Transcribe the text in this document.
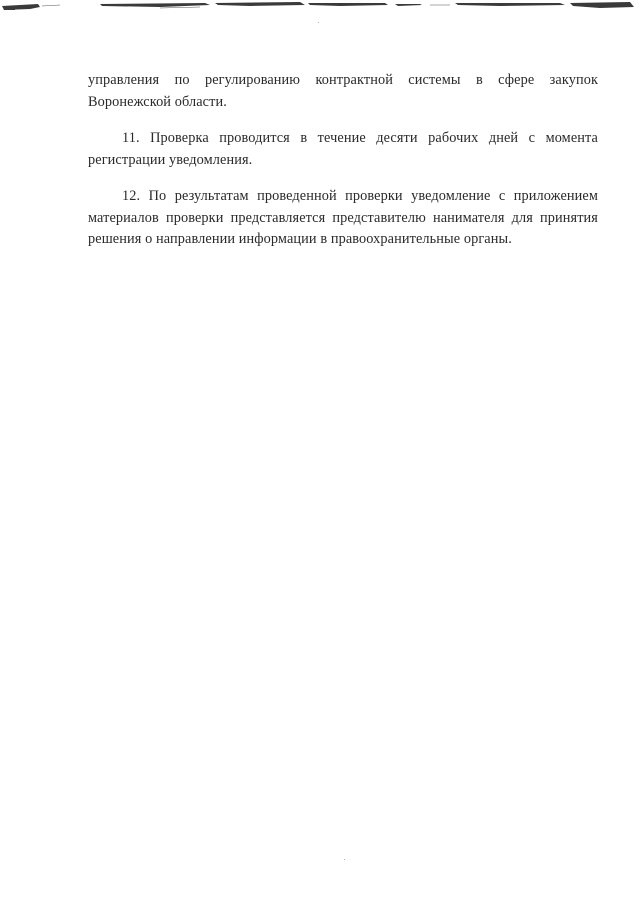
управления по регулированию контрактной системы в сфере закупок Воронежской области.

11. Проверка проводится в течение десяти рабочих дней с момента регистрации уведомления.

12. По результатам проведенной проверки уведомление с приложением материалов проверки представляется представителю нанимателя для принятия решения о направлении информации в правоохранительные органы.
